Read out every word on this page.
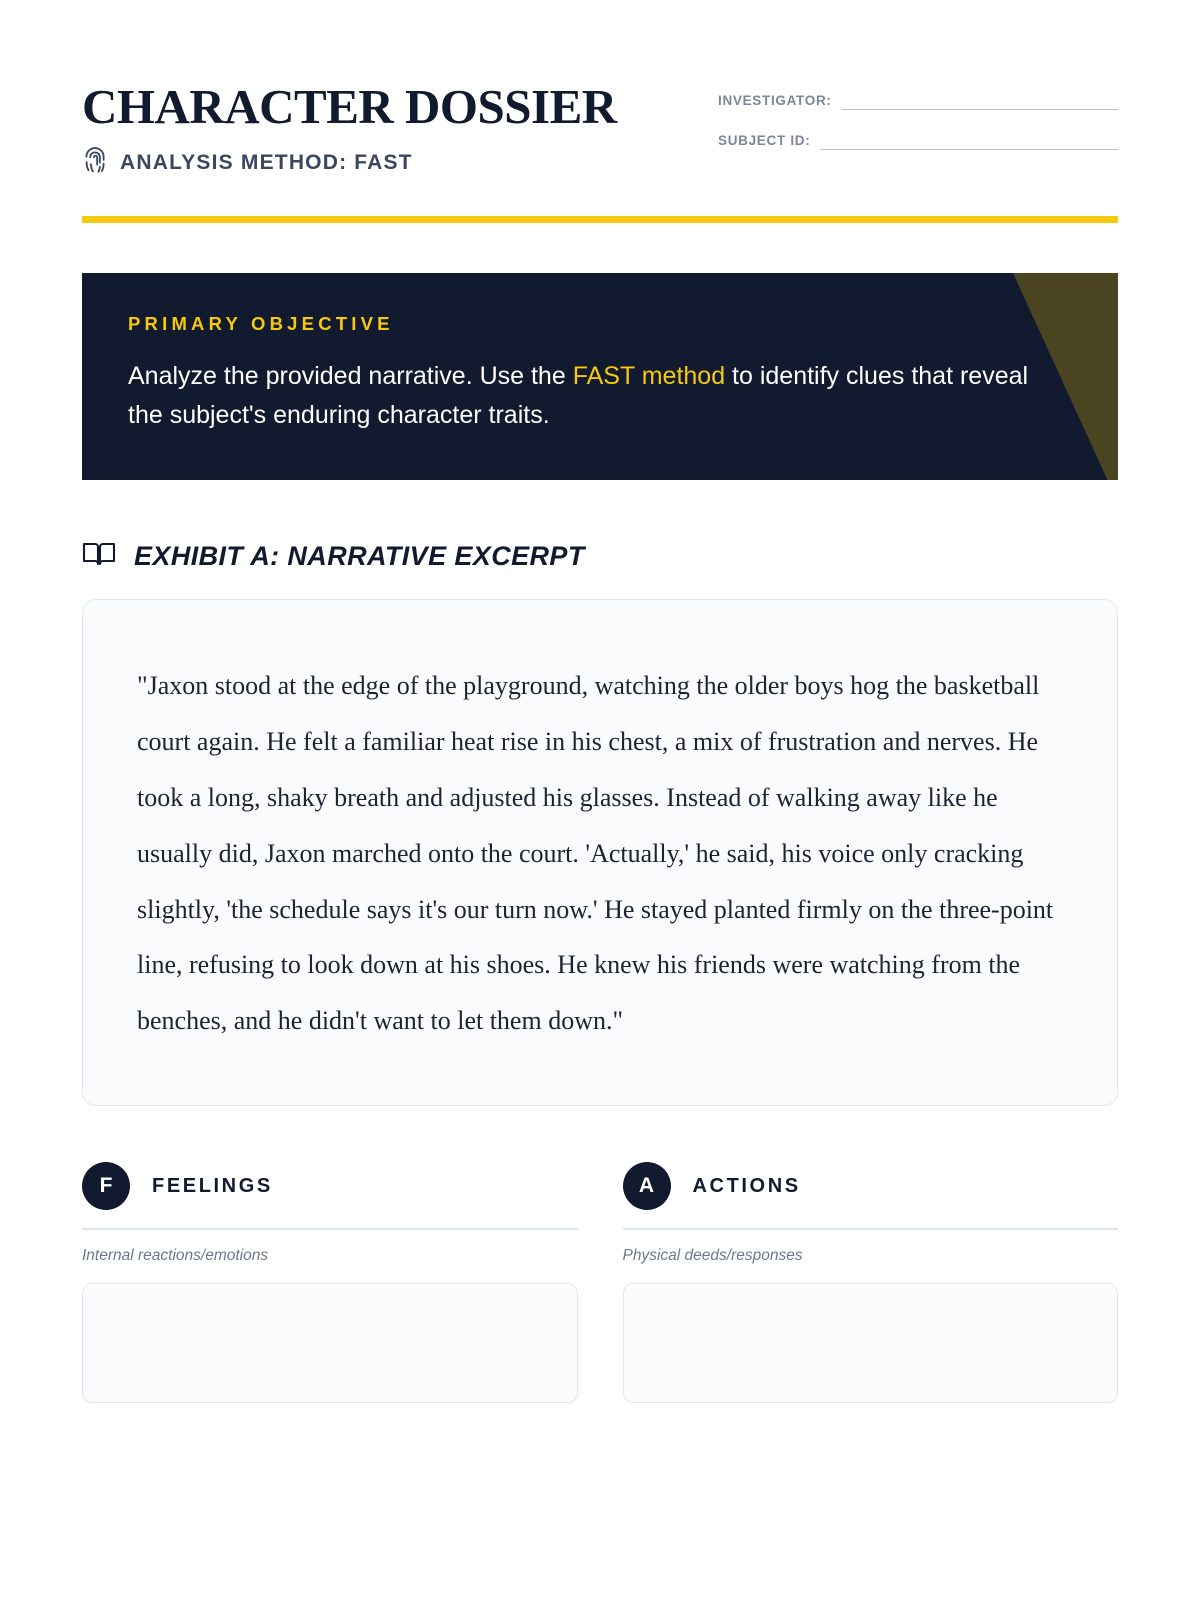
CHARACTER DOSSIER
ANALYSIS METHOD: FAST
INVESTIGATOR:
SUBJECT ID:
PRIMARY OBJECTIVE
Analyze the provided narrative. Use the FAST method to identify clues that reveal the subject's enduring character traits.
EXHIBIT A: NARRATIVE EXCERPT
"Jaxon stood at the edge of the playground, watching the older boys hog the basketball court again. He felt a familiar heat rise in his chest, a mix of frustration and nerves. He took a long, shaky breath and adjusted his glasses. Instead of walking away like he usually did, Jaxon marched onto the court. 'Actually,' he said, his voice only cracking slightly, 'the schedule says it's our turn now.' He stayed planted firmly on the three-point line, refusing to look down at his shoes. He knew his friends were watching from the benches, and he didn't want to let them down."
F	FEELINGS
Internal reactions/emotions
A	ACTIONS
Physical deeds/responses
